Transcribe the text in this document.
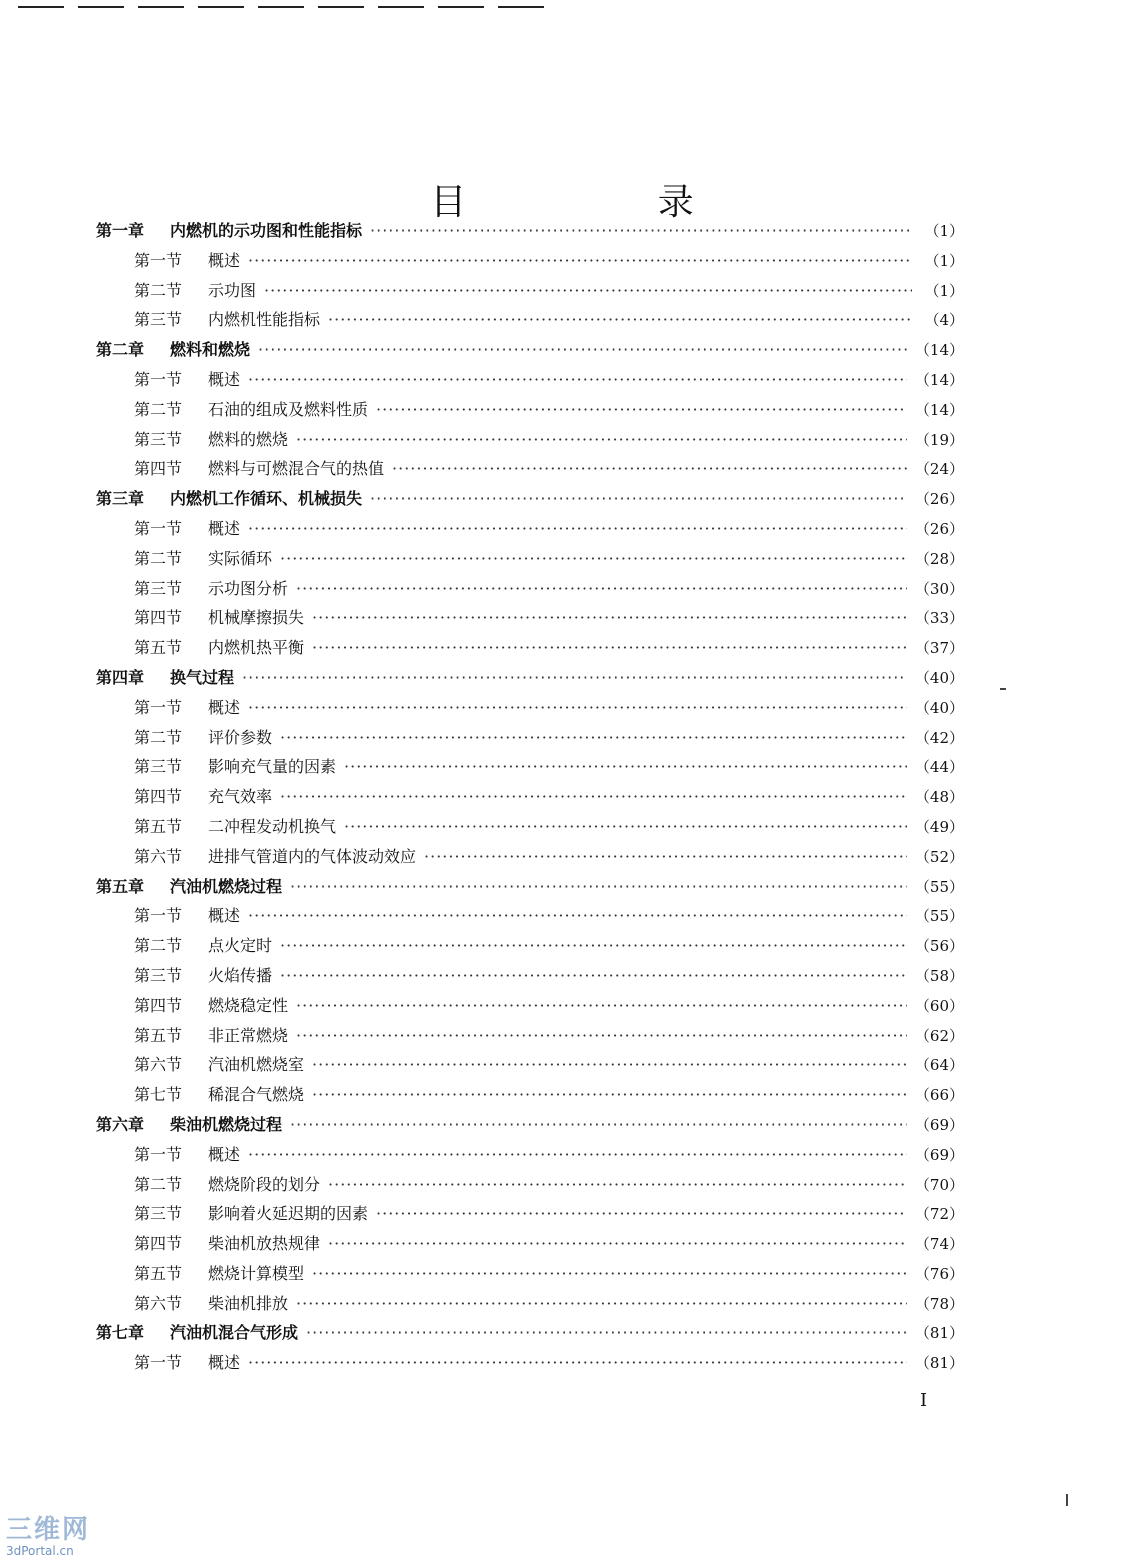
目 录
第一章	内燃机的示功图和性能指标 ·····	（1）
第一节	概述 ·····	（1）
第二节	示功图 ·····	（1）
第三节	内燃机性能指标 ·····	（4）
第二章	燃料和燃烧 ·····	（14）
第一节	概述 ·····	（14）
第二节	石油的组成及燃料性质 ·····	（14）
第三节	燃料的燃烧 ·····	（19）
第四节	燃料与可燃混合气的热值 ·····	（24）
第三章	内燃机工作循环、机械损失 ·····	（26）
第一节	概述 ·····	（26）
第二节	实际循环 ·····	（28）
第三节	示功图分析 ·····	（30）
第四节	机械摩擦损失 ·····	（33）
第五节	内燃机热平衡 ·····	（37）
第四章	换气过程 ·····	（40）
第一节	概述 ·····	（40）
第二节	评价参数 ·····	（42）
第三节	影响充气量的因素 ·····	（44）
第四节	充气效率 ·····	（48）
第五节	二冲程发动机换气 ·····	（49）
第六节	进排气管道内的气体波动效应 ·····	（52）
第五章	汽油机燃烧过程 ·····	（55）
第一节	概述 ·····	（55）
第二节	点火定时 ·····	（56）
第三节	火焰传播 ·····	（58）
第四节	燃烧稳定性 ·····	（60）
第五节	非正常燃烧 ·····	（62）
第六节	汽油机燃烧室 ·····	（64）
第七节	稀混合气燃烧 ·····	（66）
第六章	柴油机燃烧过程 ·····	（69）
第一节	概述 ·····	（69）
第二节	燃烧阶段的划分 ·····	（70）
第三节	影响着火延迟期的因素 ·····	（72）
第四节	柴油机放热规律 ·····	（74）
第五节	燃烧计算模型 ·····	（76）
第六节	柴油机排放 ·····	（78）
第七章	汽油机混合气形成 ·····	（81）
第一节	概述 ·····	（81）
I
三维网
3dPortal.cn
